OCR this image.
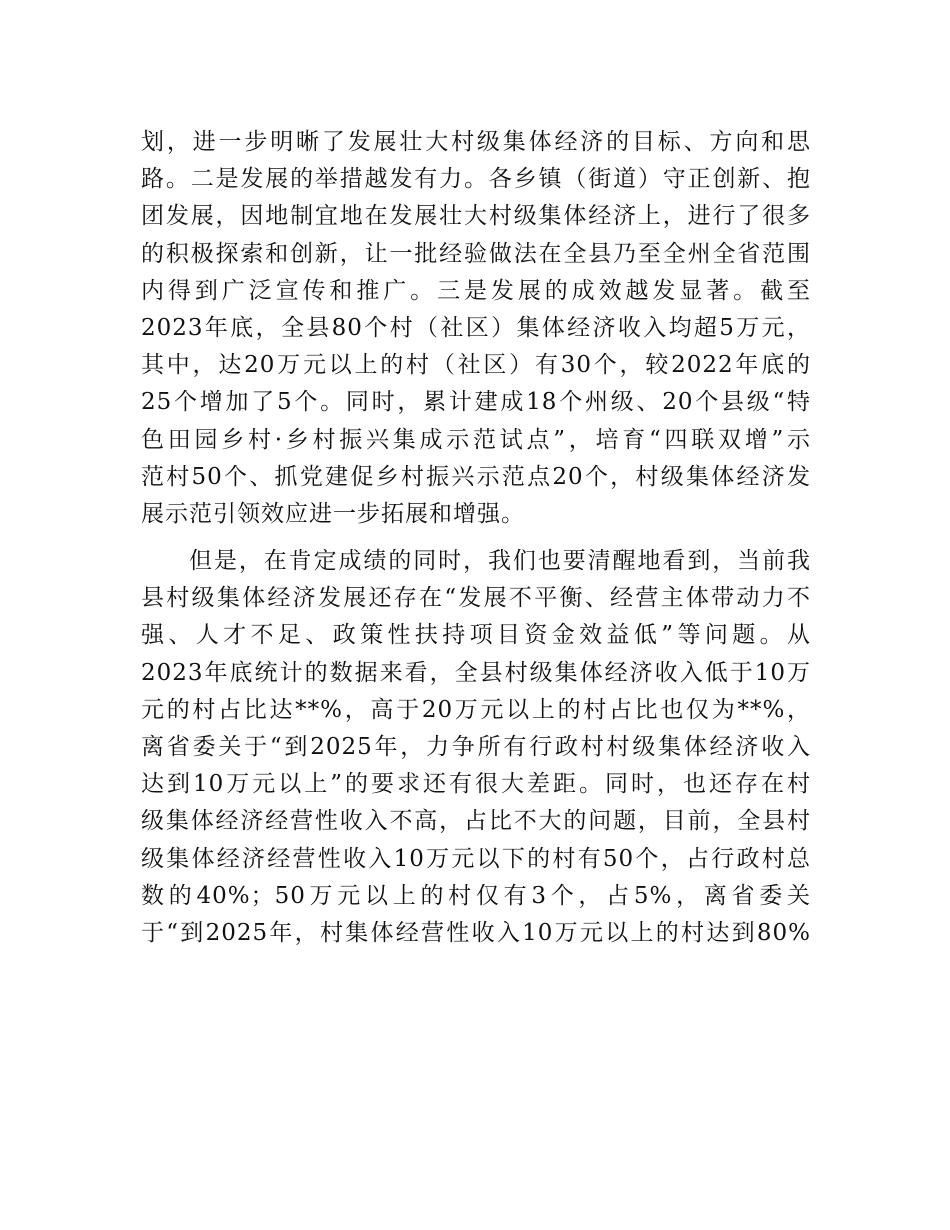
划，进一步明晰了发展壮大村级集体经济的目标、方向和思
路。二是发展的举措越发有力。各乡镇（街道）守正创新、抱
团发展，因地制宜地在发展壮大村级集体经济上，进行了很多
的积极探索和创新，让一批经验做法在全县乃至全州全省范围
内得到广泛宣传和推广。三是发展的成效越发显著。截至
2023年底，全县80个村（社区）集体经济收入均超5万元，
其中，达20万元以上的村（社区）有30个，较2022年底的
25个增加了5个。同时，累计建成18个州级、20个县级“特
色田园乡村·乡村振兴集成示范试点”，培育“四联双增”示
范村50个、抓党建促乡村振兴示范点20个，村级集体经济发
展示范引领效应进一步拓展和增强。
但是，在肯定成绩的同时，我们也要清醒地看到，当前我
县村级集体经济发展还存在“发展不平衡、经营主体带动力不
强、人才不足、政策性扶持项目资金效益低”等问题。从
2023年底统计的数据来看，全县村级集体经济收入低于10万
元的村占比达**%，高于20万元以上的村占比也仅为**%，
离省委关于“到2025年，力争所有行政村村级集体经济收入
达到10万元以上”的要求还有很大差距。同时，也还存在村
级集体经济经营性收入不高，占比不大的问题，目前，全县村
级集体经济经营性收入10万元以下的村有50个，占行政村总
数的40%；50万元以上的村仅有3个，占5%，离省委关
于“到2025年，村集体经营性收入10万元以上的村达到80%
